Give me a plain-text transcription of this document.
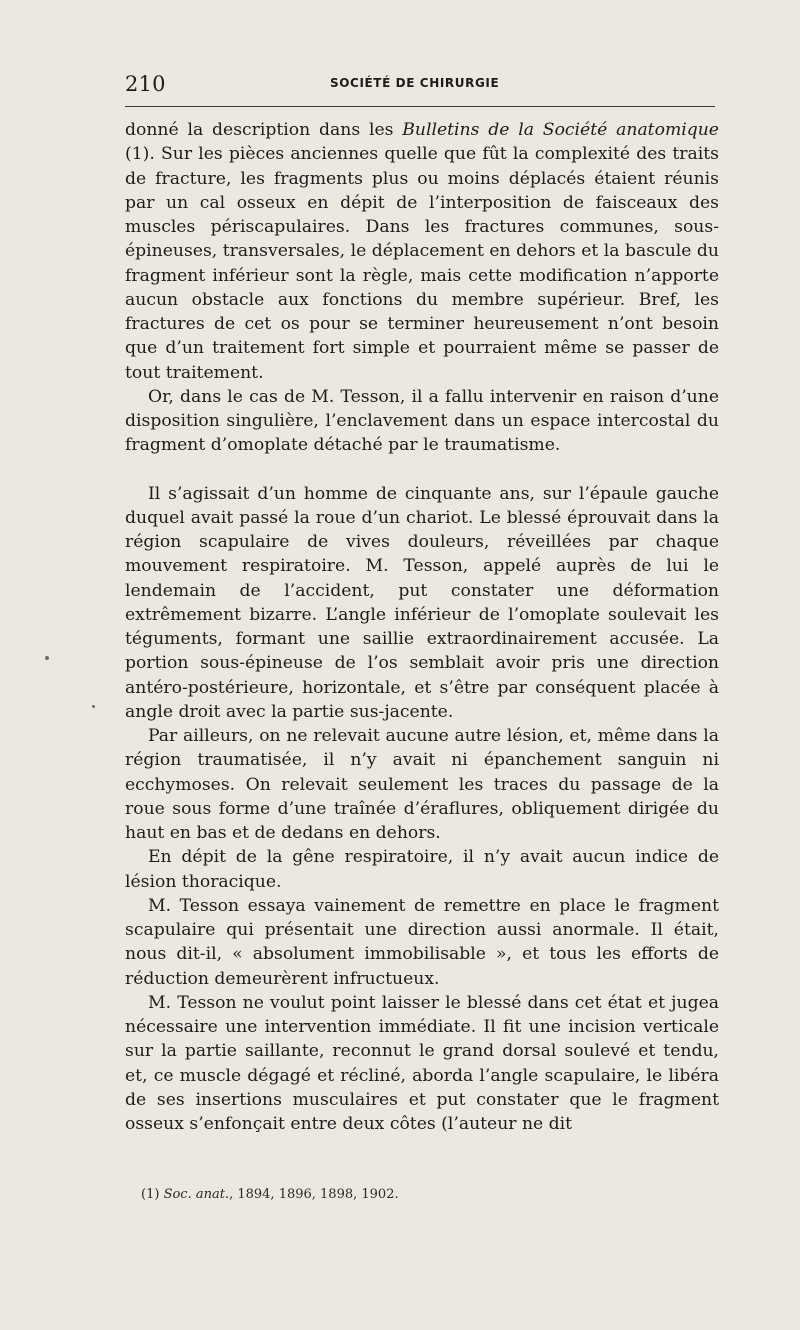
210	SOCIÉTÉ DE CHIRURGIE

donné la description dans les Bulletins de la Société anatomique (1). Sur les pièces anciennes quelle que fût la complexité des traits de fracture, les fragments plus ou moins déplacés étaient réunis par un cal osseux en dépit de l’interposition de faisceaux des muscles périscapulaires. Dans les fractures communes, sous-épineuses, transversales, le déplacement en dehors et la bascule du fragment inférieur sont la règle, mais cette modification n’apporte aucun obstacle aux fonctions du membre supérieur. Bref, les fractures de cet os pour se terminer heureusement n’ont besoin que d’un traitement fort simple et pourraient même se passer de tout traitement.

Or, dans le cas de M. Tesson, il a fallu intervenir en raison d’une disposition singulière, l’enclavement dans un espace intercostal du fragment d’omoplate détaché par le traumatisme.

Il s’agissait d’un homme de cinquante ans, sur l’épaule gauche duquel avait passé la roue d’un chariot. Le blessé éprouvait dans la région scapulaire de vives douleurs, réveillées par chaque mouvement respiratoire. M. Tesson, appelé auprès de lui le lendemain de l’accident, put constater une déformation extrêmement bizarre. L’angle inférieur de l’omoplate soulevait les téguments, formant une saillie extraordinairement accusée. La portion sous-épineuse de l’os semblait avoir pris une direction antéro-postérieure, horizontale, et s’être par conséquent placée à angle droit avec la partie sus-jacente.

Par ailleurs, on ne relevait aucune autre lésion, et, même dans la région traumatisée, il n’y avait ni épanchement sanguin ni ecchymoses. On relevait seulement les traces du passage de la roue sous forme d’une traînée d’éraflures, obliquement dirigée du haut en bas et de dedans en dehors.

En dépit de la gêne respiratoire, il n’y avait aucun indice de lésion thoracique.

M. Tesson essaya vainement de remettre en place le fragment scapulaire qui présentait une direction aussi anormale. Il était, nous dit-il, « absolument immobilisable », et tous les efforts de réduction demeurèrent infructueux.

M. Tesson ne voulut point laisser le blessé dans cet état et jugea nécessaire une intervention immédiate. Il fit une incision verticale sur la partie saillante, reconnut le grand dorsal soulevé et tendu, et, ce muscle dégagé et récliné, aborda l’angle scapulaire, le libéra de ses insertions musculaires et put constater que le fragment osseux s’enfonçait entre deux côtes (l’auteur ne dit

(1) Soc. anat., 1894, 1896, 1898, 1902.
